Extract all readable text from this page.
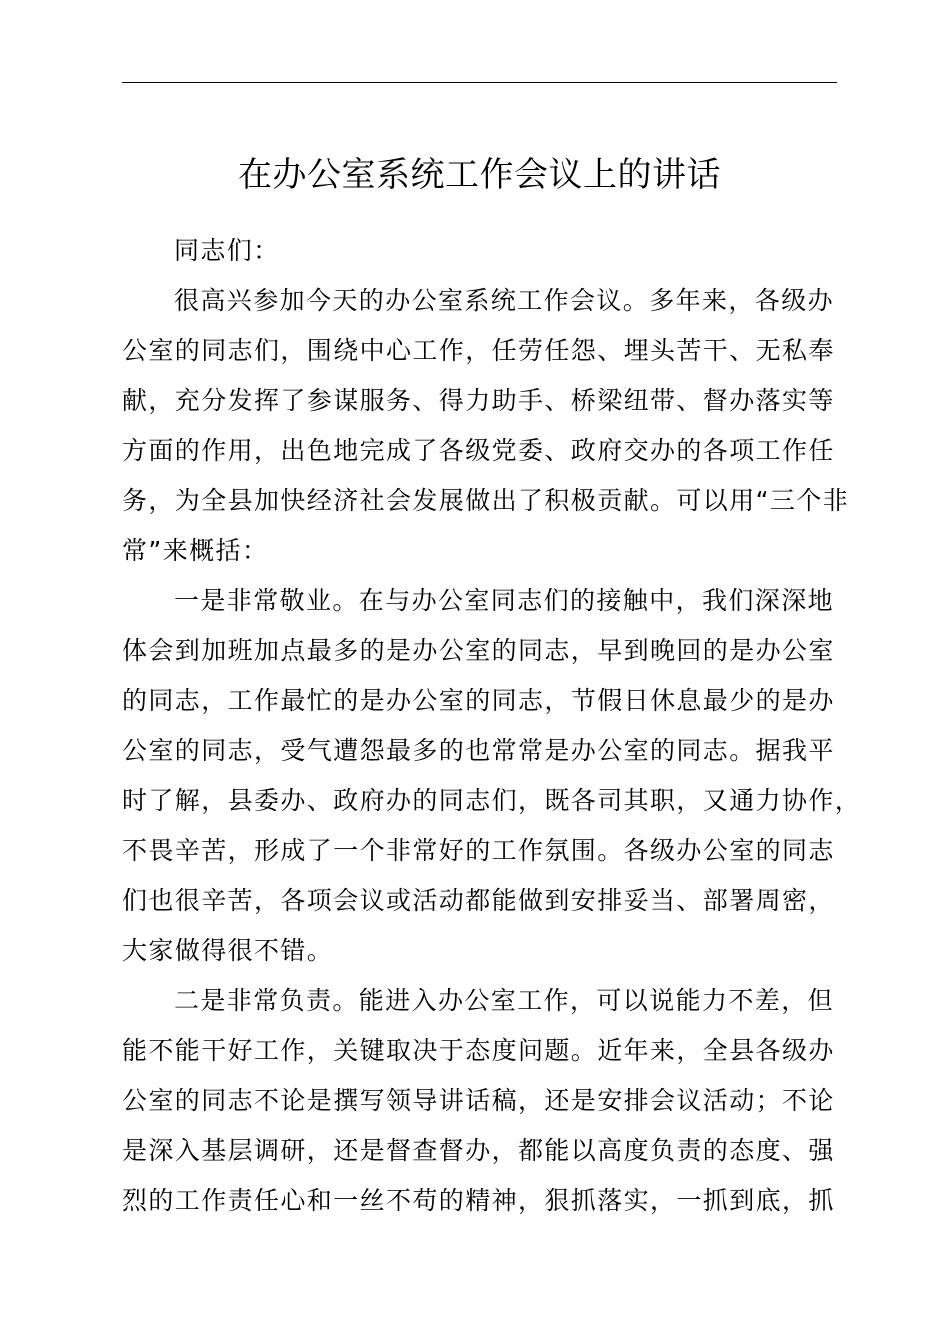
在办公室系统工作会议上的讲话
同志们：
很高兴参加今天的办公室系统工作会议。多年来，各级办
公室的同志们，围绕中心工作，任劳任怨、埋头苦干、无私奉
献，充分发挥了参谋服务、得力助手、桥梁纽带、督办落实等
方面的作用，出色地完成了各级党委、政府交办的各项工作任
务，为全县加快经济社会发展做出了积极贡献。可以用“三个非
常”来概括：
一是非常敬业。在与办公室同志们的接触中，我们深深地
体会到加班加点最多的是办公室的同志，早到晚回的是办公室
的同志，工作最忙的是办公室的同志，节假日休息最少的是办
公室的同志，受气遭怨最多的也常常是办公室的同志。据我平
时了解，县委办、政府办的同志们，既各司其职，又通力协作，
不畏辛苦，形成了一个非常好的工作氛围。各级办公室的同志
们也很辛苦，各项会议或活动都能做到安排妥当、部署周密，
大家做得很不错。
二是非常负责。能进入办公室工作，可以说能力不差，但
能不能干好工作，关键取决于态度问题。近年来，全县各级办
公室的同志不论是撰写领导讲话稿，还是安排会议活动；不论
是深入基层调研，还是督查督办，都能以高度负责的态度、强
烈的工作责任心和一丝不苟的精神，狠抓落实，一抓到底，抓
